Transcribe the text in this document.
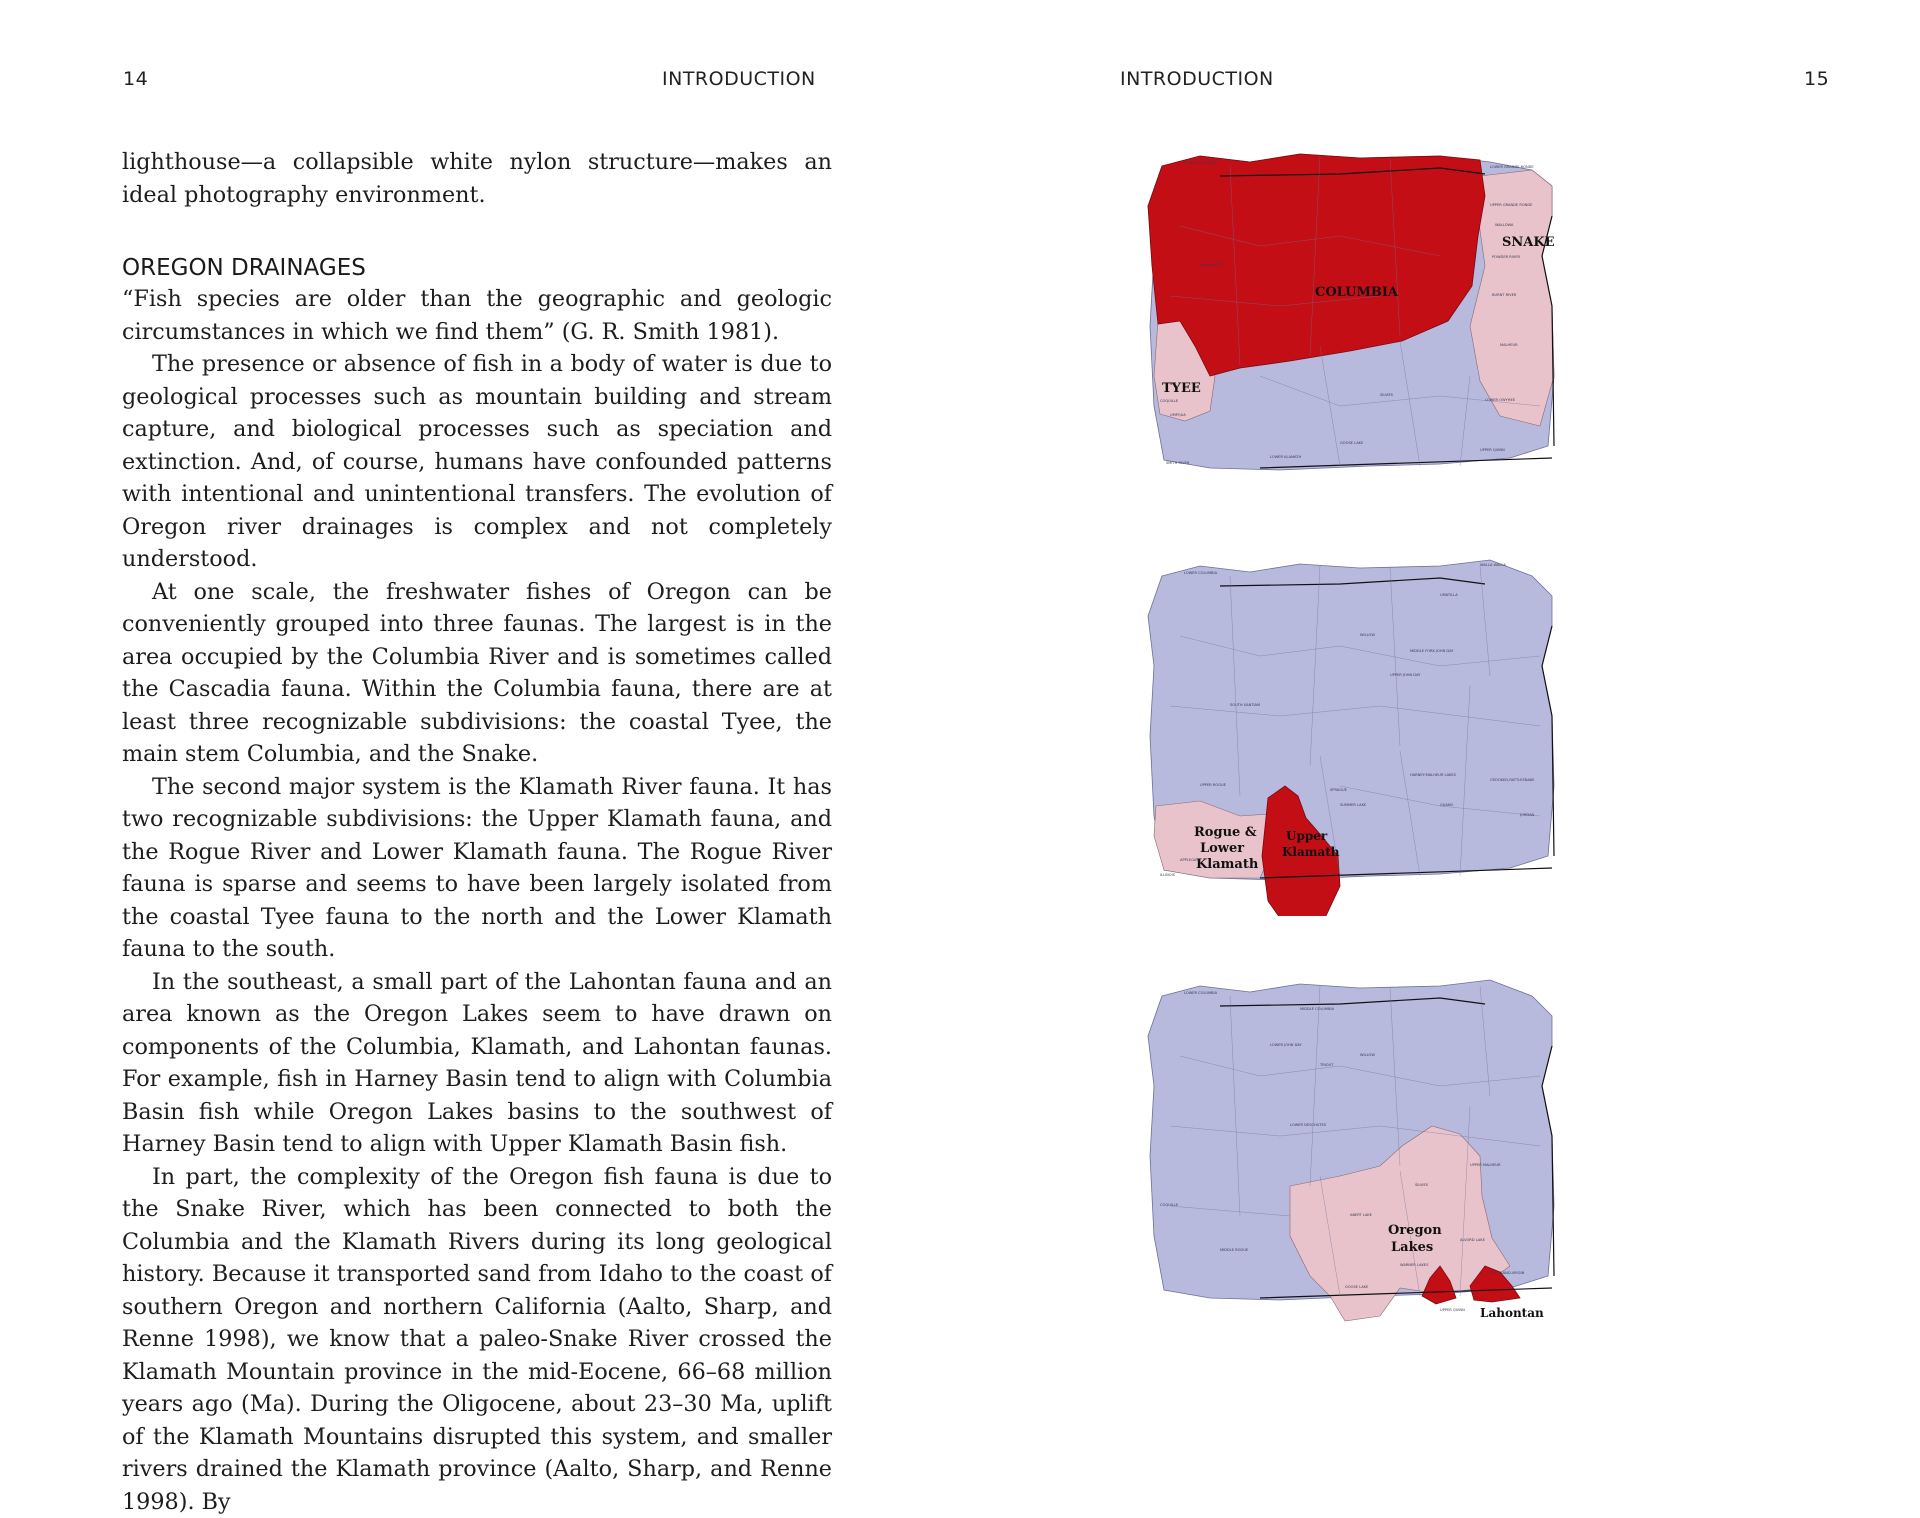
14	INTRODUCTION

lighthouse—a collapsible white nylon structure—makes an ideal photography environment.

OREGON DRAINAGES

“Fish species are older than the geographic and geologic circumstances in which we find them” (G. R. Smith 1981).

The presence or absence of fish in a body of water is due to geological processes such as mountain building and stream capture, and biological processes such as speciation and extinction. And, of course, humans have confounded patterns with intentional and unintentional transfers. The evolution of Oregon river drainages is complex and not completely understood.

At one scale, the freshwater fishes of Oregon can be conveniently grouped into three faunas. The largest is in the area occupied by the Columbia River and is sometimes called the Cascadia fauna. Within the Columbia fauna, there are at least three recognizable subdivisions: the coastal Tyee, the main stem Columbia, and the Snake.

The second major system is the Klamath River fauna. It has two recognizable subdivisions: the Upper Klamath fauna, and the Rogue River and Lower Klamath fauna. The Rogue River fauna is sparse and seems to have been largely isolated from the coastal Tyee fauna to the north and the Lower Klamath fauna to the south.

In the southeast, a small part of the Lahontan fauna and an area known as the Oregon Lakes seem to have drawn on components of the Columbia, Klamath, and Lahontan faunas. For example, fish in Harney Basin tend to align with Columbia Basin fish while Oregon Lakes basins to the southwest of Harney Basin tend to align with Upper Klamath Basin fish.

In part, the complexity of the Oregon fish fauna is due to the Snake River, which has been connected to both the Columbia and the Klamath Rivers during its long geological history. Because it transported sand from Idaho to the coast of southern Oregon and northern California (Aalto, Sharp, and Renne 1998), we know that a paleo-Snake River crossed the Klamath Mountain province in the mid-Eocene, 66–68 million years ago (Ma). During the Oligocene, about 23–30 Ma, uplift of the Klamath Mountains disrupted this system, and smaller rivers drained the Klamath province (Aalto, Sharp, and Renne 1998). By

INTRODUCTION	15
SNAKE
COLUMBIA
TYEE
LOWER COLUMBIA
WILLAMETTE
UPPER GRANDE RONDE
LOWER GRANDE RONDE
WALLOWA
POWDER RIVER
BURNT RIVER
MALHEUR
UMPQUA
COQUILLE
SILVIES
LOWER OWYHEE
UPPER QUINN
SMITH RIVER
GOOSE LAKE
LOWER KLAMATH
Rogue &
Lower
Klamath
Upper
Klamath
LOWER COLUMBIA
WALLA WALLA
UMATILLA
MIDDLE FORK JOHN DAY
UPPER JOHN DAY
SOUTH SANTIAM
UPPER ROGUE
ILLINOIS
WILLOW
HARNEY-MALHEUR LAKES
SUMMER LAKE	GUANO
CROOKED-RATTLESNAKE
JORDAN
SPRAGUE
APPLEGATE
Oregon
Lakes
Lahontan
LOWER COLUMBIA
MIDDLE COLUMBIA
LOWER JOHN DAY
TRIOUT
WILLOW
SILVIES
UPPER MALHEUR
ABERT LAKE
ALVORD LAKE
WARNER LAKES
THOUSAND-VIRGIN
COQUILLE
LOWER DESCHUTES
MIDDLE ROGUE
GOOSE LAKE
UPPER QUINN
